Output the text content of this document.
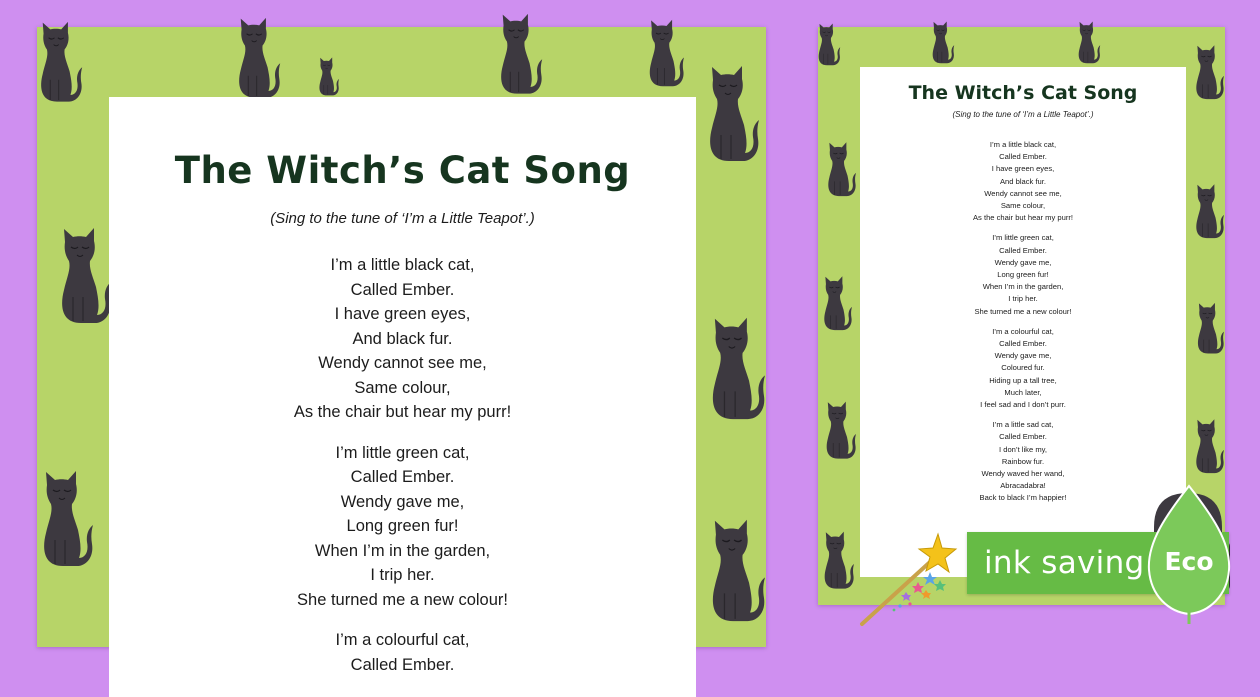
The Witch’s Cat Song

(Sing to the tune of ‘I’m a Little Teapot’.)

I’m a little black cat,
Called Ember.
I have green eyes,
And black fur.
Wendy cannot see me,
Same colour,
As the chair but hear my purr!

I’m little green cat,
Called Ember.
Wendy gave me,
Long green fur!
When I’m in the garden,
I trip her.
She turned me a new colour!

I’m a colourful cat,
Called Ember.

The Witch’s Cat Song

(Sing to the tune of ‘I’m a Little Teapot’.)

I’m a little black cat,
Called Ember.
I have green eyes,
And black fur.
Wendy cannot see me,
Same colour,
As the chair but hear my purr!

I’m little green cat,
Called Ember.
Wendy gave me,
Long green fur!
When I’m in the garden,
I trip her.
She turned me a new colour!

I’m a colourful cat,
Called Ember.
Wendy gave me,
Coloured fur.
Hiding up a tall tree,
Much later,
I feel sad and I don’t purr.

I’m a little sad cat,
Called Ember.
I don’t like my,
Rainbow fur.
Wendy waved her wand,
Abracadabra!
Back to black I’m happier!

ink saving Eco
